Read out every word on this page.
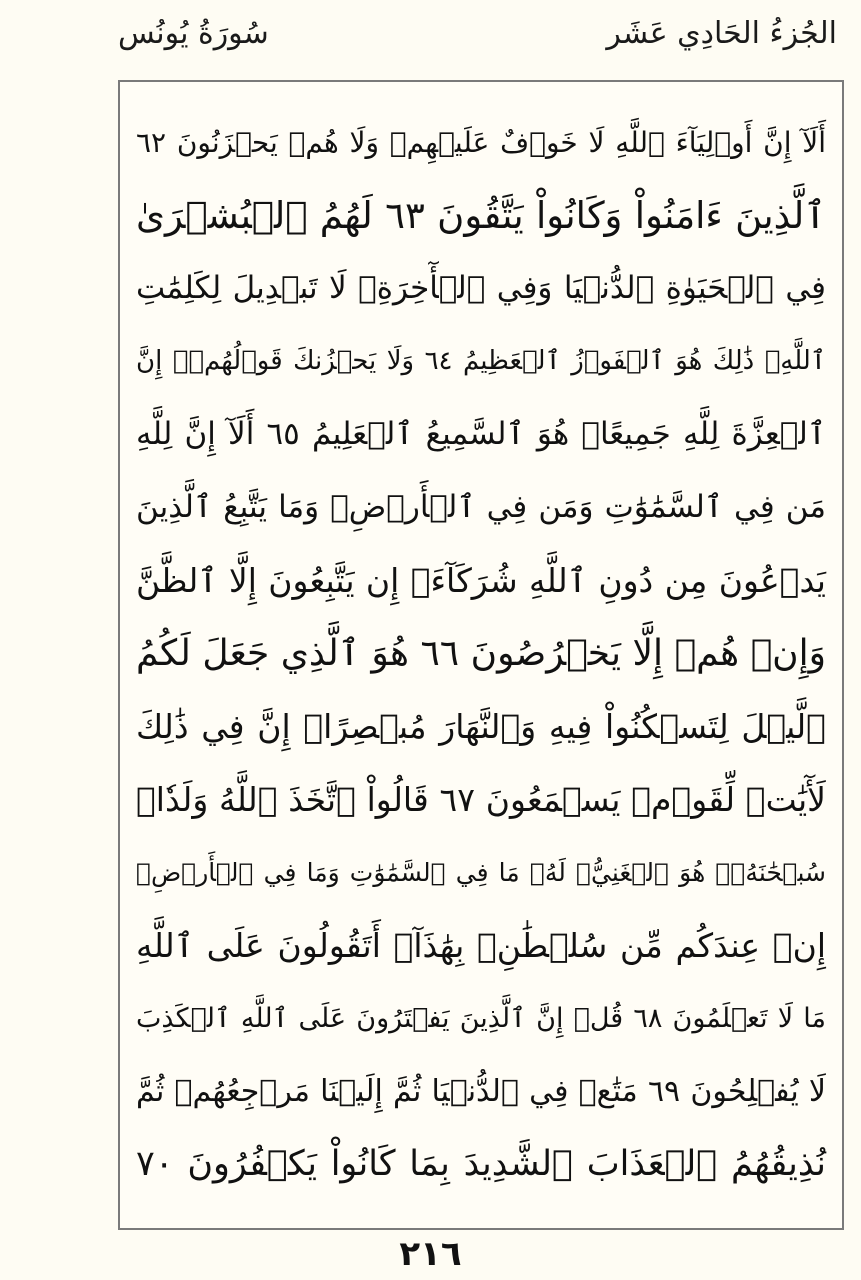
الجُزءُ الحَادِي عَشَر
سُورَةُ يُونُس
أَلَآ إِنَّ أَوۡلِيَآءَ ٱللَّهِ لَا خَوۡفٌ عَلَيۡهِمۡ وَلَا هُمۡ يَحۡزَنُونَ ٦٢
ٱلَّذِينَ ءَامَنُواْ وَكَانُواْ يَتَّقُونَ ٦٣ لَهُمُ ٱلۡبُشۡرَىٰ
فِي ٱلۡحَيَوٰةِ ٱلدُّنۡيَا وَفِي ٱلۡأٓخِرَةِۚ لَا تَبۡدِيلَ لِكَلِمَٰتِ
ٱللَّهِۚ ذَٰلِكَ هُوَ ٱلۡفَوۡزُ ٱلۡعَظِيمُ ٦٤ وَلَا يَحۡزُنكَ قَوۡلُهُمۡۘ إِنَّ
ٱلۡعِزَّةَ لِلَّهِ جَمِيعًاۚ هُوَ ٱلسَّمِيعُ ٱلۡعَلِيمُ ٦٥ أَلَآ إِنَّ لِلَّهِ
مَن فِي ٱلسَّمَٰوَٰتِ وَمَن فِي ٱلۡأَرۡضِۗ وَمَا يَتَّبِعُ ٱلَّذِينَ
يَدۡعُونَ مِن دُونِ ٱللَّهِ شُرَكَآءَۚ إِن يَتَّبِعُونَ إِلَّا ٱلظَّنَّ
وَإِنۡ هُمۡ إِلَّا يَخۡرُصُونَ ٦٦ هُوَ ٱلَّذِي جَعَلَ لَكُمُ
ٱلَّيۡلَ لِتَسۡكُنُواْ فِيهِ وَٱلنَّهَارَ مُبۡصِرًاۚ إِنَّ فِي ذَٰلِكَ
لَأٓيَٰتٖ لِّقَوۡمٖ يَسۡمَعُونَ ٦٧ قَالُواْ ٱتَّخَذَ ٱللَّهُ وَلَدٗاۗ
سُبۡحَٰنَهُۥۖ هُوَ ٱلۡغَنِيُّۖ لَهُۥ مَا فِي ٱلسَّمَٰوَٰتِ وَمَا فِي ٱلۡأَرۡضِۚ
إِنۡ عِندَكُم مِّن سُلۡطَٰنِۭ بِهَٰذَآۚ أَتَقُولُونَ عَلَى ٱللَّهِ
مَا لَا تَعۡلَمُونَ ٦٨ قُلۡ إِنَّ ٱلَّذِينَ يَفۡتَرُونَ عَلَى ٱللَّهِ ٱلۡكَذِبَ
لَا يُفۡلِحُونَ ٦٩ مَتَٰعٞ فِي ٱلدُّنۡيَا ثُمَّ إِلَيۡنَا مَرۡجِعُهُمۡ ثُمَّ
نُذِيقُهُمُ ٱلۡعَذَابَ ٱلشَّدِيدَ بِمَا كَانُواْ يَكۡفُرُونَ ٧٠
٢١٦
